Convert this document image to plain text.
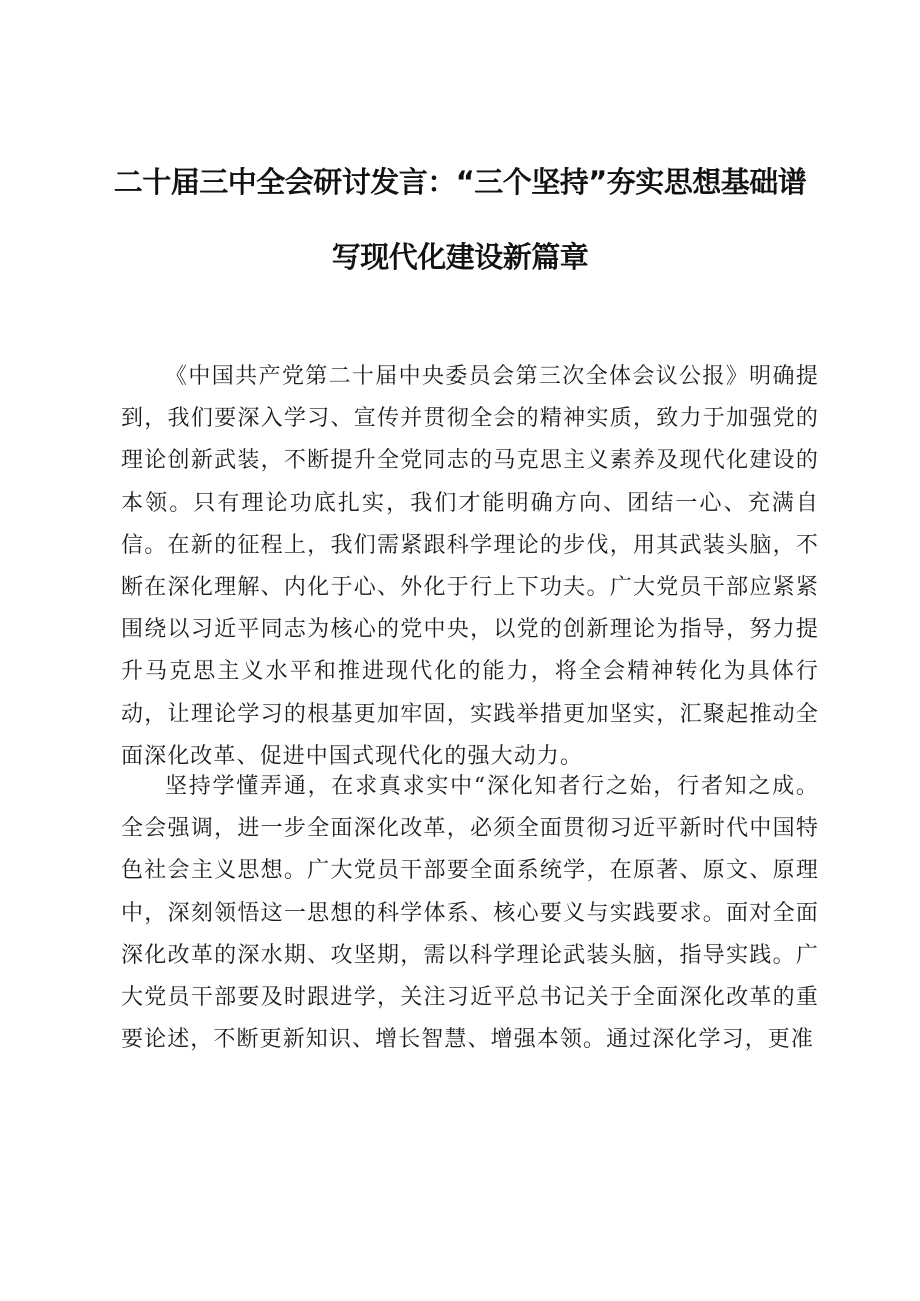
二十届三中全会研讨发言：“三个坚持”夯实思想基础谱
写现代化建设新篇章

《中国共产党第二十届中央委员会第三次全体会议公报》明确提到，我们要深入学习、宣传并贯彻全会的精神实质，致力于加强党的理论创新武装，不断提升全党同志的马克思主义素养及现代化建设的本领。只有理论功底扎实，我们才能明确方向、团结一心、充满自信。在新的征程上，我们需紧跟科学理论的步伐，用其武装头脑，不断在深化理解、内化于心、外化于行上下功夫。广大党员干部应紧紧围绕以习近平同志为核心的党中央，以党的创新理论为指导，努力提升马克思主义水平和推进现代化的能力，将全会精神转化为具体行动，让理论学习的根基更加牢固，实践举措更加坚实，汇聚起推动全面深化改革、促进中国式现代化的强大动力。

坚持学懂弄通，在求真求实中“深化知者行之始，行者知之成。全会强调，进一步全面深化改革，必须全面贯彻习近平新时代中国特色社会主义思想。广大党员干部要全面系统学，在原著、原文、原理中，深刻领悟这一思想的科学体系、核心要义与实践要求。面对全面深化改革的深水期、攻坚期，需以科学理论武装头脑，指导实践。广大党员干部要及时跟进学，关注习近平总书记关于全面深化改革的重要论述，不断更新知识、增长智慧、增强本领。通过深化学习，更准
